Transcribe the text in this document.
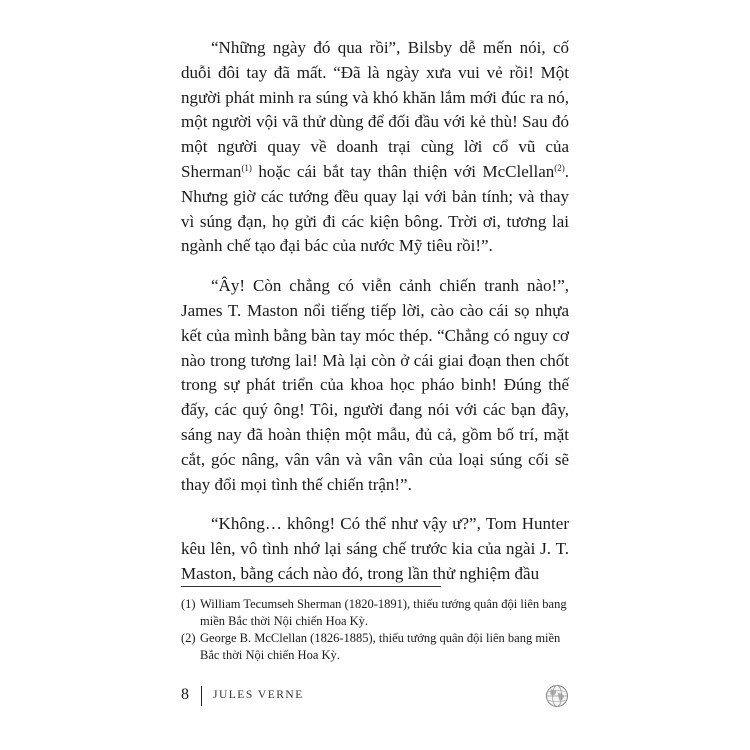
“Những ngày đó qua rồi”, Bilsby dễ mến nói, cố duỗi đôi tay đã mất. “Đã là ngày xưa vui vẻ rồi! Một người phát minh ra súng và khó khăn lắm mới đúc ra nó, một người vội vã thử dùng để đối đầu với kẻ thù! Sau đó một người quay về doanh trại cùng lời cổ vũ của Sherman$^{(1)}$ hoặc cái bắt tay thân thiện với McClellan$^{(2)}$. Nhưng giờ các tướng đều quay lại với bản tính; và thay vì súng đạn, họ gửi đi các kiện bông. Trời ơi, tương lai ngành chế tạo đại bác của nước Mỹ tiêu rồi!”.

“Ây! Còn chẳng có viễn cảnh chiến tranh nào!”, James T. Maston nổi tiếng tiếp lời, cào cào cái sọ nhựa kết của mình bằng bàn tay móc thép. “Chẳng có nguy cơ nào trong tương lai! Mà lại còn ở cái giai đoạn then chốt trong sự phát triển của khoa học pháo binh! Đúng thế đấy, các quý ông! Tôi, người đang nói với các bạn đây, sáng nay đã hoàn thiện một mẫu, đủ cả, gồm bố trí, mặt cắt, góc nâng, vân vân và vân vân của loại súng cối sẽ thay đổi mọi tình thế chiến trận!”.

“Không… không! Có thể như vậy ư?”, Tom Hunter kêu lên, vô tình nhớ lại sáng chế trước kia của ngài J. T. Maston, bằng cách nào đó, trong lần thử nghiệm đầu

(1) William Tecumseh Sherman (1820-1891), thiếu tướng quân đội liên bang miền Bắc thời Nội chiến Hoa Kỳ.
(2) George B. McClellan (1826-1885), thiếu tướng quân đội liên bang miền Bắc thời Nội chiến Hoa Kỳ.
8 JULES VERNE
